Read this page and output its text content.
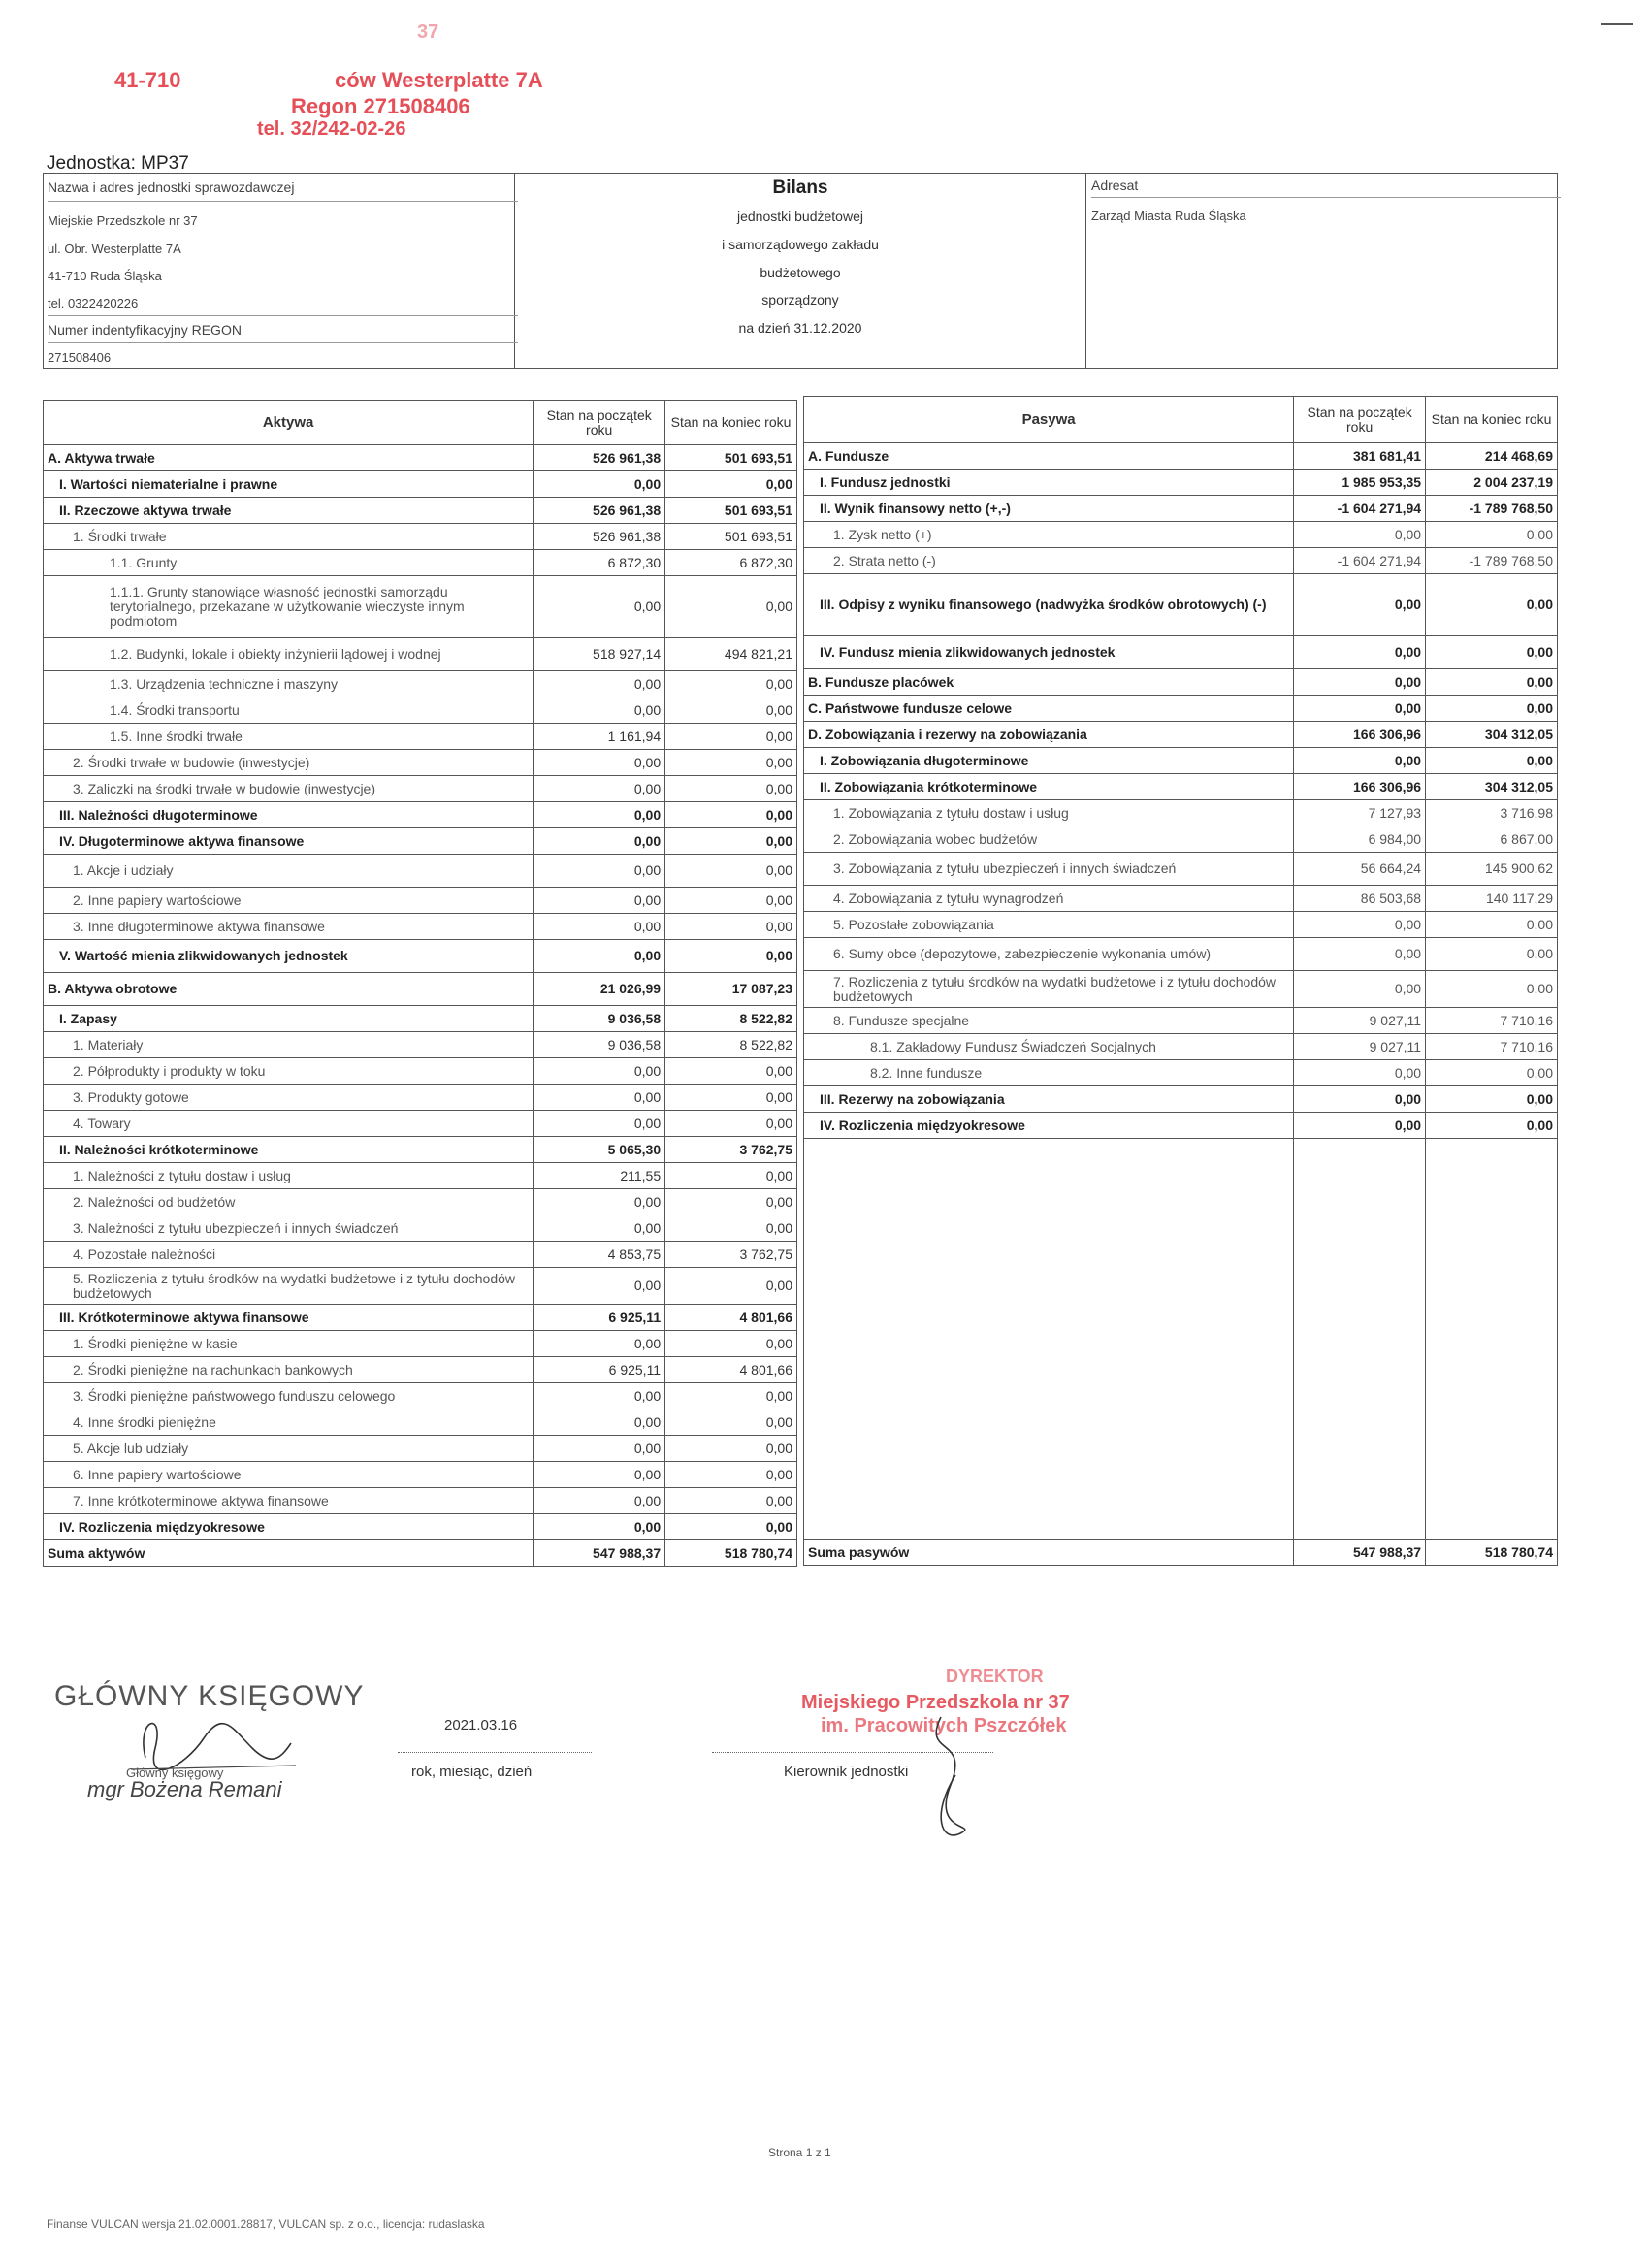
37
41-710	ców Westerplatte 7A
Regon 271508406
tel. 32/242-02-26
Jednostka: MP37
Nazwa i adres jednostki sprawozdawczej
Miejskie Przedszkole nr 37
ul. Obr. Westerplatte 7A
41-710 Ruda Śląska
tel. 0322420226
Numer indentyfikacyjny REGON
271508406
Bilans
jednostki budżetowej
i samorządowego zakładu
budżetowego
sporządzony
na dzień 31.12.2020
Adresat
Zarząd Miasta Ruda Śląska
Aktywa	Stan na początek roku	Stan na koniec roku
A. Aktywa trwałe	526 961,38	501 693,51
I. Wartości niematerialne i prawne	0,00	0,00
II. Rzeczowe aktywa trwałe	526 961,38	501 693,51
1. Środki trwałe	526 961,38	501 693,51
1.1. Grunty	6 872,30	6 872,30
1.1.1. Grunty stanowiące własność jednostki samorządu terytorialnego, przekazane w użytkowanie wieczyste innym podmiotom	0,00	0,00
1.2. Budynki, lokale i obiekty inżynierii lądowej i wodnej	518 927,14	494 821,21
1.3. Urządzenia techniczne i maszyny	0,00	0,00
1.4. Środki transportu	0,00	0,00
1.5. Inne środki trwałe	1 161,94	0,00
2. Środki trwałe w budowie (inwestycje)	0,00	0,00
3. Zaliczki na środki trwałe w budowie (inwestycje)	0,00	0,00
III. Należności długoterminowe	0,00	0,00
IV. Długoterminowe aktywa finansowe	0,00	0,00
1. Akcje i udziały	0,00	0,00
2. Inne papiery wartościowe	0,00	0,00
3. Inne długoterminowe aktywa finansowe	0,00	0,00
V. Wartość mienia zlikwidowanych jednostek	0,00	0,00
B. Aktywa obrotowe	21 026,99	17 087,23
I. Zapasy	9 036,58	8 522,82
1. Materiały	9 036,58	8 522,82
2. Półprodukty i produkty w toku	0,00	0,00
3. Produkty gotowe	0,00	0,00
4. Towary	0,00	0,00
II. Należności krótkoterminowe	5 065,30	3 762,75
1. Należności z tytułu dostaw i usług	211,55	0,00
2. Należności od budżetów	0,00	0,00
3. Należności z tytułu ubezpieczeń i innych świadczeń	0,00	0,00
4. Pozostałe należności	4 853,75	3 762,75
5. Rozliczenia z tytułu środków na wydatki budżetowe i z tytułu dochodów budżetowych	0,00	0,00
III. Krótkoterminowe aktywa finansowe	6 925,11	4 801,66
1. Środki pieniężne w kasie	0,00	0,00
2. Środki pieniężne na rachunkach bankowych	6 925,11	4 801,66
3. Środki pieniężne państwowego funduszu celowego	0,00	0,00
4. Inne środki pieniężne	0,00	0,00
5. Akcje lub udziały	0,00	0,00
6. Inne papiery wartościowe	0,00	0,00
7. Inne krótkoterminowe aktywa finansowe	0,00	0,00
IV. Rozliczenia międzyokresowe	0,00	0,00
Suma aktywów	547 988,37	518 780,74
Pasywa	Stan na początek roku	Stan na koniec roku
A. Fundusze	381 681,41	214 468,69
I. Fundusz jednostki	1 985 953,35	2 004 237,19
II. Wynik finansowy netto (+,-)	-1 604 271,94	-1 789 768,50
1. Zysk netto (+)	0,00	0,00
2. Strata netto (-)	-1 604 271,94	-1 789 768,50
III. Odpisy z wyniku finansowego (nadwyżka środków obrotowych) (-)	0,00	0,00
IV. Fundusz mienia zlikwidowanych jednostek	0,00	0,00
B. Fundusze placówek	0,00	0,00
C. Państwowe fundusze celowe	0,00	0,00
D. Zobowiązania i rezerwy na zobowiązania	166 306,96	304 312,05
I. Zobowiązania długoterminowe	0,00	0,00
II. Zobowiązania krótkoterminowe	166 306,96	304 312,05
1. Zobowiązania z tytułu dostaw i usług	7 127,93	3 716,98
2. Zobowiązania wobec budżetów	6 984,00	6 867,00
3. Zobowiązania z tytułu ubezpieczeń i innych świadczeń	56 664,24	145 900,62
4. Zobowiązania z tytułu wynagrodzeń	86 503,68	140 117,29
5. Pozostałe zobowiązania	0,00	0,00
6. Sumy obce (depozytowe, zabezpieczenie wykonania umów)	0,00	0,00
7. Rozliczenia z tytułu środków na wydatki budżetowe i z tytułu dochodów budżetowych	0,00	0,00
8. Fundusze specjalne	9 027,11	7 710,16
8.1. Zakładowy Fundusz Świadczeń Socjalnych	9 027,11	7 710,16
8.2. Inne fundusze	0,00	0,00
III. Rezerwy na zobowiązania	0,00	0,00
IV. Rozliczenia międzyokresowe	0,00	0,00

Suma pasywów	547 988,37	518 780,74
GŁÓWNY KSIĘGOWY
Główny księgowy
mgr Bożena Remani
2021.03.16
rok, miesiąc, dzień
DYREKTOR
Miejskiego Przedszkola nr 37
im. Pracowitych Pszczółek
Kierownik jednostki
Strona 1 z 1
Finanse VULCAN wersja 21.02.0001.28817, VULCAN sp. z o.o., licencja: rudaslaska
